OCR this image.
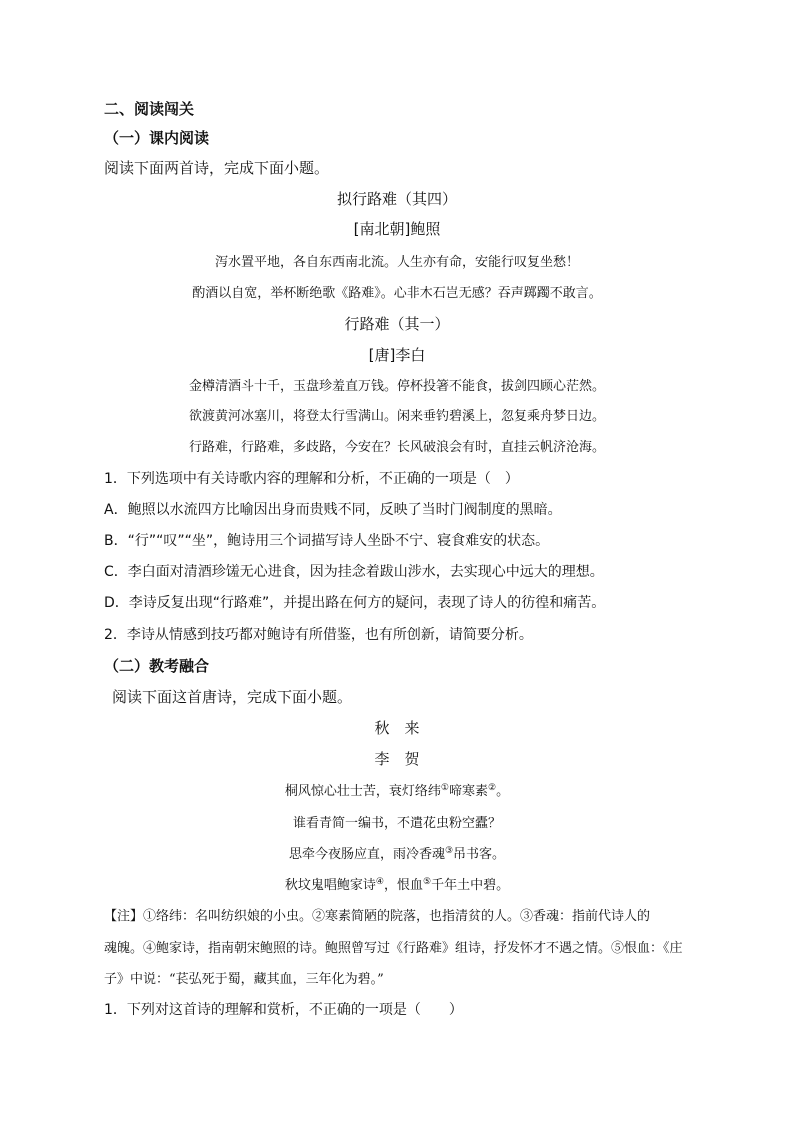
二、阅读闯关
（一）课内阅读
阅读下面两首诗，完成下面小题。
拟行路难（其四）
[南北朝]鲍照
泻水置平地，各自东西南北流。人生亦有命，安能行叹复坐愁！
酌酒以自宽，举杯断绝歌《路难》。心非木石岂无感？吞声踯躅不敢言。
行路难（其一）
[唐]李白
金樽清酒斗十千，玉盘珍羞直万钱。停杯投箸不能食，拔剑四顾心茫然。
欲渡黄河冰塞川，将登太行雪满山。闲来垂钓碧溪上，忽复乘舟梦日边。
行路难，行路难，多歧路，今安在？长风破浪会有时，直挂云帆济沧海。
1．下列选项中有关诗歌内容的理解和分析，不正确的一项是（　）
A．鲍照以水流四方比喻因出身而贵贱不同，反映了当时门阀制度的黑暗。
B．“行”“叹”“坐”，鲍诗用三个词描写诗人坐卧不宁、寝食难安的状态。
C．李白面对清酒珍馐无心进食，因为挂念着跋山涉水，去实现心中远大的理想。
D．李诗反复出现“行路难”，并提出路在何方的疑问，表现了诗人的彷徨和痛苦。
2．李诗从情感到技巧都对鲍诗有所借鉴，也有所创新，请简要分析。
（二）教考融合
阅读下面这首唐诗，完成下面小题。
秋　来
李　贺
桐风惊心壮士苦，衰灯络纬①啼寒素②。
谁看青简一编书，不遣花虫粉空蠹？
思牵今夜肠应直，雨冷香魂③吊书客。
秋坟鬼唱鲍家诗④，恨血⑤千年土中碧。
【注】①络纬：名叫纺织娘的小虫。②寒素简陋的院落，也指清贫的人。③香魂：指前代诗人的
魂魄。④鲍家诗，指南朝宋鲍照的诗。鲍照曾写过《行路难》组诗，抒发怀才不遇之情。⑤恨血：《庄
子》中说：“苌弘死于蜀，藏其血，三年化为碧。”
1．下列对这首诗的理解和赏析，不正确的一项是（　　）
